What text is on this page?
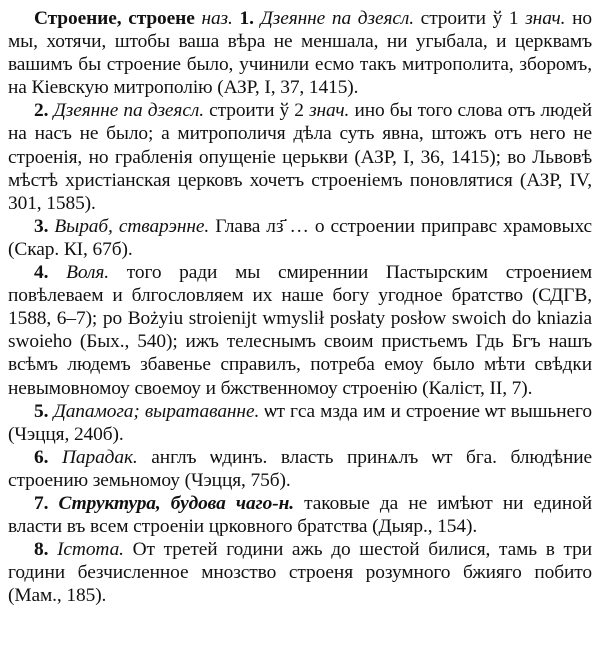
Строение, строене наз. 1. Дзеянне па дзеясл. строити ў 1 знач. но мы, хотячи, штобы ваша вѣра не меншала, ни угыбала, и церквамъ вашимъ бы строение было, учинили есмо такъ митрополита, зборомъ, на Кіевскую митрополію (АЗР, I, 37, 1415).

2. Дзеянне па дзеясл. строити ў 2 знач. ино бы того слова отъ людей на насъ не было; а митрополичя дѣла суть явна, штожъ отъ него не строенія, но грабленія опущеніе церькви (АЗР, I, 36, 1415); во Львовѣ мѣстѣ христіанская церковъ хочетъ строеніемъ поновлятися (АЗР, IV, 301, 1585).

3. Выраб, стварэнне. Глава лз҃ … о сстроении приправс храмовыхс (Скар. КI, 67б).

4. Воля. того ради мы смиреннии Пастырским строением повѣлеваем и блгословляем их наше богу угодное братство (СДГВ, 1588, 6–7); po Bożyiu stroienijt wmyslił posłaty posłow swoich do kniazia swoieho (Бых., 540); ижъ телеснымъ своим пристьемъ Гдь Бгъ нашъ всѣмъ людемъ збавенье справилъ, потреба емоу было мѣти свѣдки невымовномоу своемоу и бжственномоу строенію (Каліст, II, 7).

5. Дапамога; выратаванне. ѡт гса мзда им и строение ѡт вышьнего (Чэцця, 240б).

6. Парадак. англъ ѡдинъ. власть принѧлъ ѡт бга. блюдѣние строению земьномоу (Чэцця, 75б).

7. Структура, будова чаго-н. таковые да не имѣют ни единой власти въ всем строеніи црковного братства (Дыяр., 154).

8. Істота. От третей години ажь до шестой билися, тамь в три години безчисленное мнозство строеня розумного бжияго побито (Мам., 185).
